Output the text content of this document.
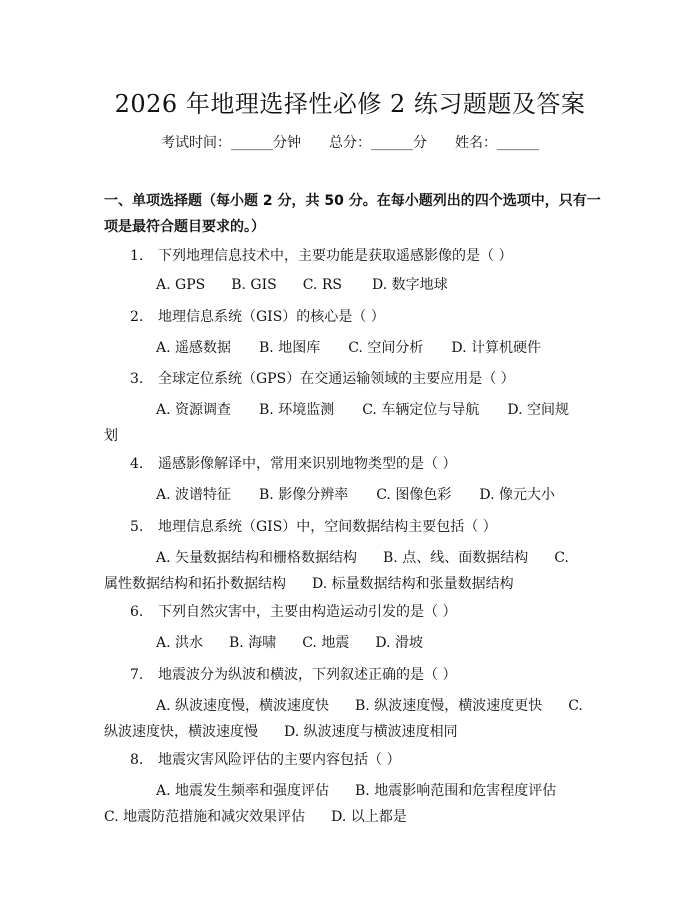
2026 年地理选择性必修 2 练习题题及答案
考试时间： ______ 分钟 总分： ______ 分 姓名： ______
一、单项选择题（每小题 2 分，共 50 分。在每小题列出的四个选项中，只有一项是最符合题目要求的。）
1. 下列地理信息技术中，主要功能是获取遥感影像的是（ ）
A. GPS B. GIS C. RS D. 数字地球
2. 地理信息系统（GIS）的核心是（ ）
A. 遥感数据 B. 地图库 C. 空间分析 D. 计算机硬件
3. 全球定位系统（GPS）在交通运输领域的主要应用是（ ）
A. 资源调查 B. 环境监测 C. 车辆定位与导航 D. 空间规
划
4. 遥感影像解译中，常用来识别地物类型的是（ ）
A. 波谱特征 B. 影像分辨率 C. 图像色彩 D. 像元大小
5. 地理信息系统（GIS）中，空间数据结构主要包括（ ）
A. 矢量数据结构和栅格数据结构 B. 点、线、面数据结构 C.
属性数据结构和拓扑数据结构 D. 标量数据结构和张量数据结构
6. 下列自然灾害中，主要由构造运动引发的是（ ）
A. 洪水 B. 海啸 C. 地震 D. 滑坡
7. 地震波分为纵波和横波，下列叙述正确的是（ ）
A. 纵波速度慢，横波速度快 B. 纵波速度慢，横波速度更快 C.
纵波速度快，横波速度慢 D. 纵波速度与横波速度相同
8. 地震灾害风险评估的主要内容包括（ ）
A. 地震发生频率和强度评估 B. 地震影响范围和危害程度评估
C. 地震防范措施和减灾效果评估 D. 以上都是
